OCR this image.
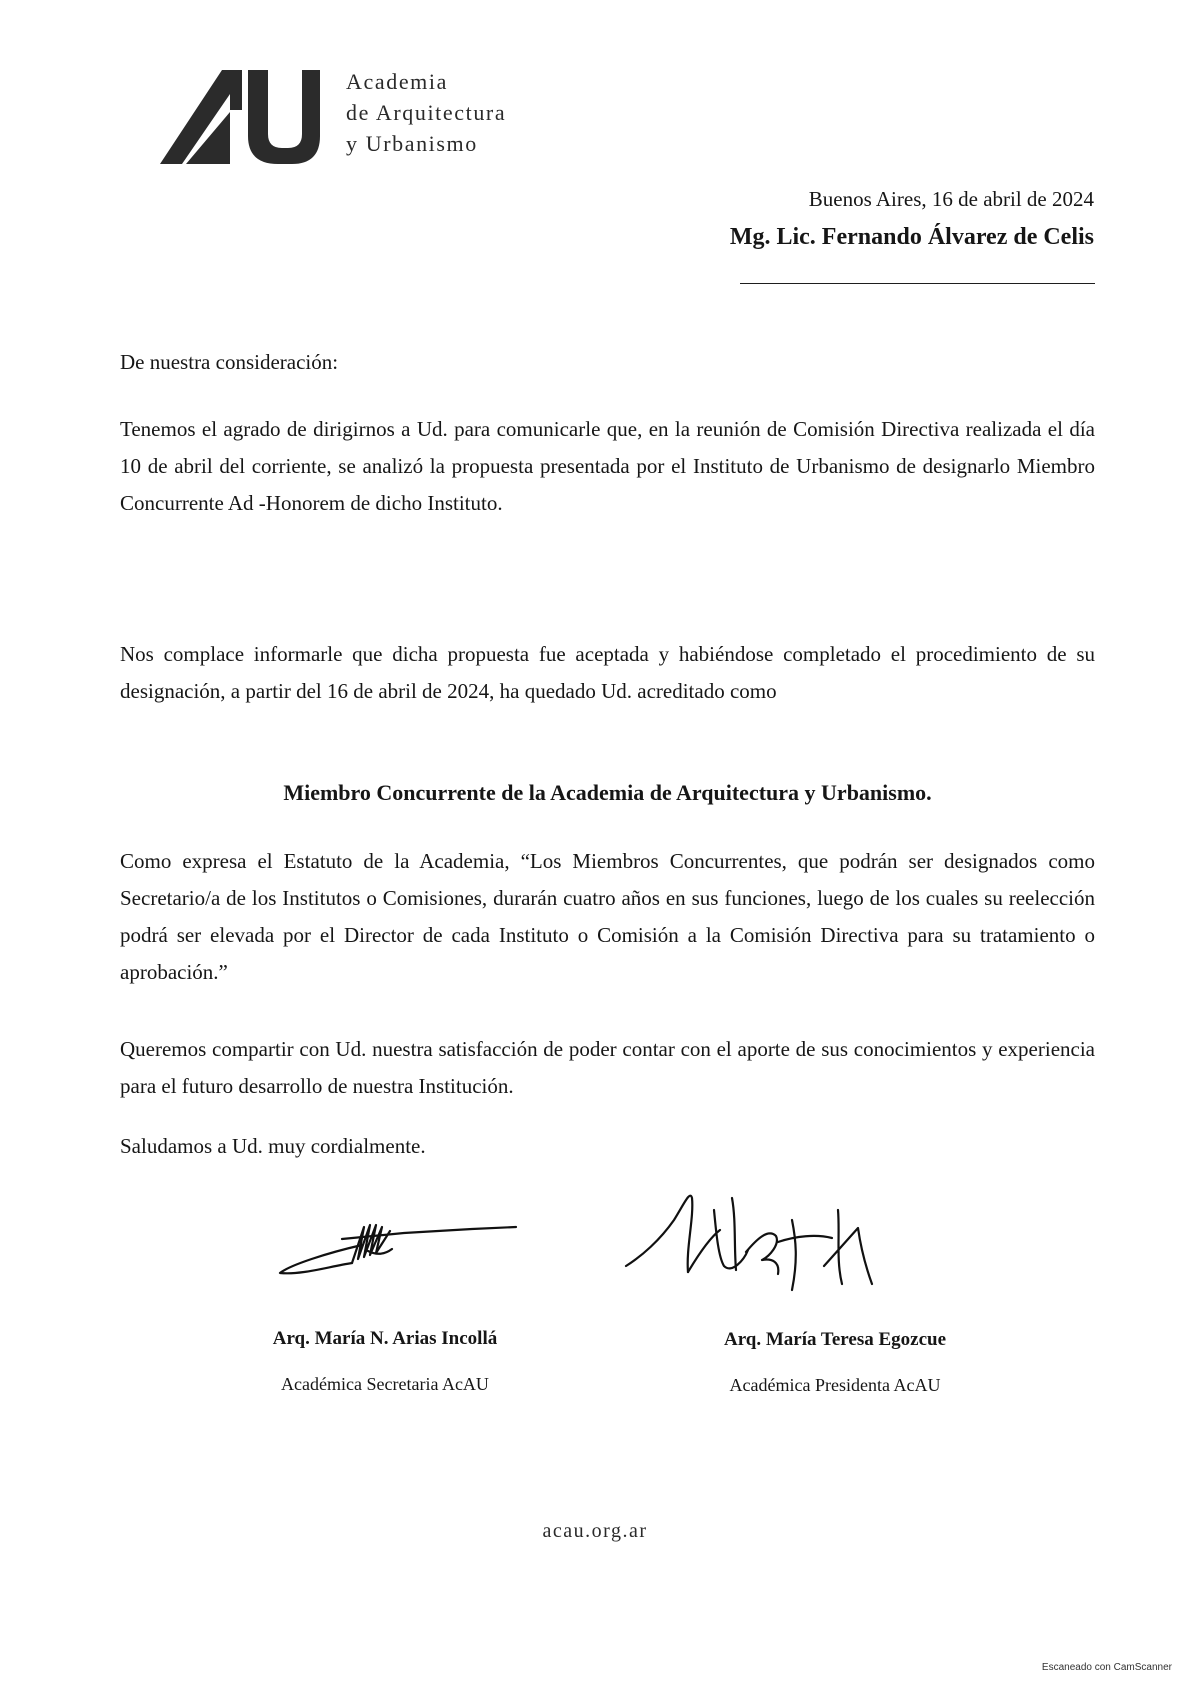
Academia
de Arquitectura
y Urbanismo
Buenos Aires, 16 de abril de 2024
Mg. Lic. Fernando Álvarez de Celis
De nuestra consideración:
Tenemos el agrado de dirigirnos a Ud. para comunicarle que, en la reunión de Comisión Directiva realizada el día 10 de abril del corriente, se analizó la propuesta presentada por el Instituto de Urbanismo de designarlo Miembro Concurrente Ad -Honorem de dicho Instituto.
Nos complace informarle que dicha propuesta fue aceptada y habiéndose completado el procedimiento de su designación, a partir del 16 de abril de 2024, ha quedado Ud. acreditado como
Miembro Concurrente de la Academia de Arquitectura y Urbanismo.
Como expresa el Estatuto de la Academia, “Los Miembros Concurrentes, que podrán ser designados como Secretario/a de los Institutos o Comisiones, durarán cuatro años en sus funciones, luego de los cuales su reelección podrá ser elevada por el Director de cada Instituto o Comisión a la Comisión Directiva para su tratamiento o aprobación.”
Queremos compartir con Ud. nuestra satisfacción de poder contar con el aporte de sus conocimientos y experiencia para el futuro desarrollo de nuestra Institución.
Saludamos a Ud. muy cordialmente.
Arq. María N. Arias Incollá
Académica Secretaria AcAU
Arq. María Teresa Egozcue
Académica Presidenta AcAU
acau.org.ar
Escaneado con CamScanner
